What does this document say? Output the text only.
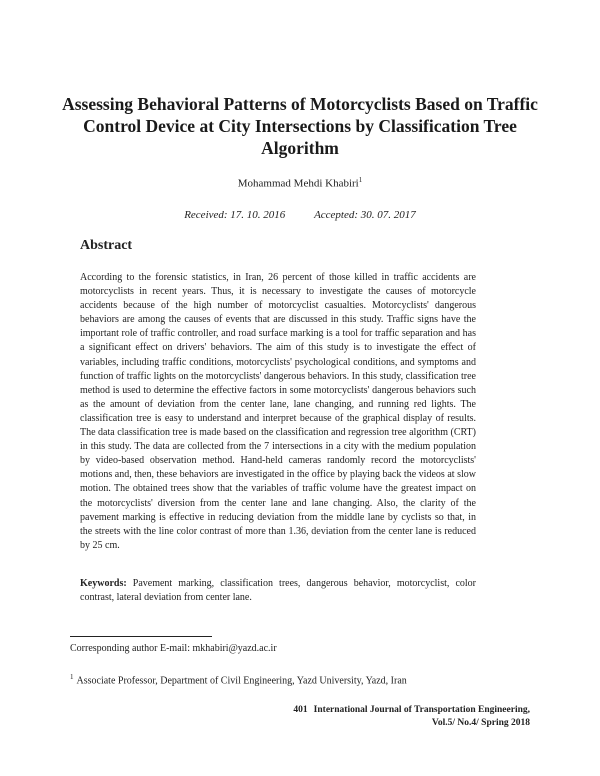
Assessing Behavioral Patterns of Motorcyclists Based on Traffic Control Device at City Intersections by Classification Tree Algorithm
Mohammad Mehdi Khabiri$^1$
Received: 17. 10. 2016	Accepted: 30. 07. 2017
Abstract

According to the forensic statistics, in Iran, 26 percent of those killed in traffic accidents are motorcyclists in recent years. Thus, it is necessary to investigate the causes of motorcycle accidents because of the high number of motorcyclist casualties. Motorcyclists' dangerous behaviors are among the causes of events that are discussed in this study. Traffic signs have the important role of traffic controller, and road surface marking is a tool for traffic separation and has a significant effect on drivers' behaviors. The aim of this study is to investigate the effect of variables, including traffic conditions, motorcyclists' psychological conditions, and symptoms and function of traffic lights on the motorcyclists' dangerous behaviors. In this study, classification tree method is used to determine the effective factors in some motorcyclists' dangerous behaviors such as the amount of deviation from the center lane, lane changing, and running red lights. The classification tree is easy to understand and interpret because of the graphical display of results. The data classification tree is made based on the classification and regression tree algorithm (CRT) in this study. The data are collected from the 7 intersections in a city with the medium population by video-based observation method. Hand-held cameras randomly record the motorcyclists' motions and, then, these behaviors are investigated in the office by playing back the videos at slow motion. The obtained trees show that the variables of traffic volume have the greatest impact on the motorcyclists' diversion from the center lane and lane changing. Also, the clarity of the pavement marking is effective in reducing deviation from the middle lane by cyclists so that, in the streets with the line color contrast of more than 1.36, deviation from the center lane is reduced by 25 cm.

Keywords: Pavement marking, classification trees, dangerous behavior, motorcyclist, color contrast, lateral deviation from center lane.

Corresponding author E-mail: mkhabiri@yazd.ac.ir
$^1$ Associate Professor, Department of Civil Engineering, Yazd University, Yazd, Iran
401 International Journal of Transportation Engineering,
Vol.5/ No.4/ Spring 2018
